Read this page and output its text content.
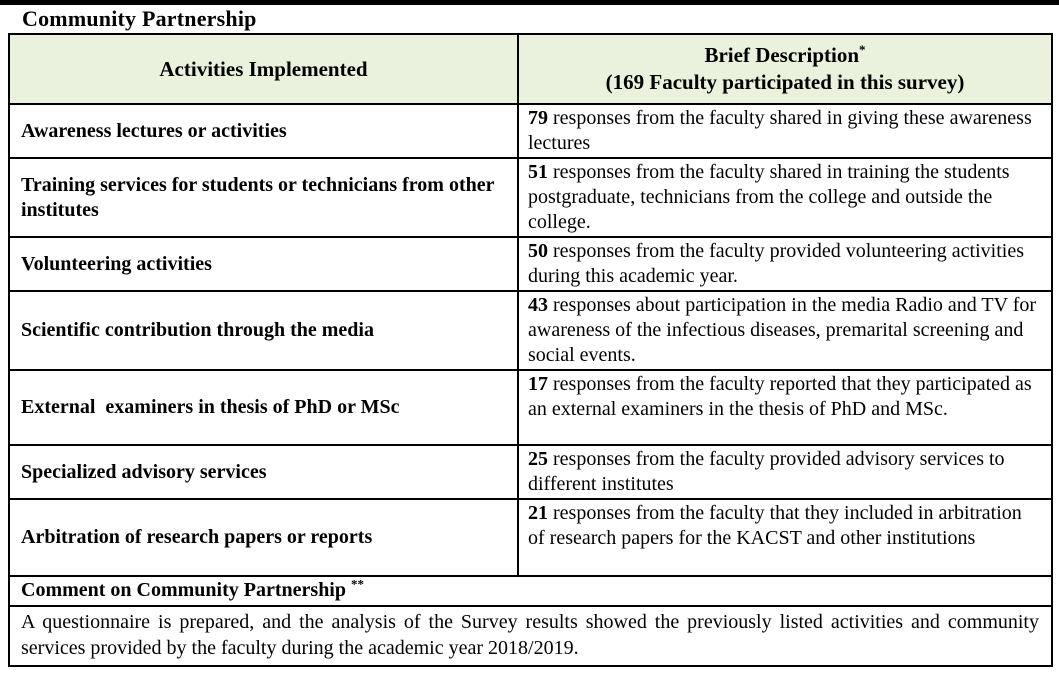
Community Partnership
Activities Implemented	Brief Description*
(169 Faculty participated in this survey)
Awareness lectures or activities	79 responses from the faculty shared in giving these awareness lectures
Training services for students or technicians from other institutes	51 responses from the faculty shared in training the students postgraduate, technicians from the college and outside the college.
Volunteering activities	50 responses from the faculty provided volunteering activities during this academic year.
Scientific contribution through the media	43 responses about participation in the media Radio and TV for awareness of the infectious diseases, premarital screening and social events.
External  examiners in thesis of PhD or MSc	17 responses from the faculty reported that they participated as an external examiners in the thesis of PhD and MSc.
Specialized advisory services	25 responses from the faculty provided advisory services to different institutes
Arbitration of research papers or reports	21 responses from the faculty that they included in arbitration of research papers for the KACST and other institutions
Comment on Community Partnership **
A questionnaire is prepared, and the analysis of the Survey results showed the previously listed activities and community services provided by the faculty during the academic year 2018/2019.	
